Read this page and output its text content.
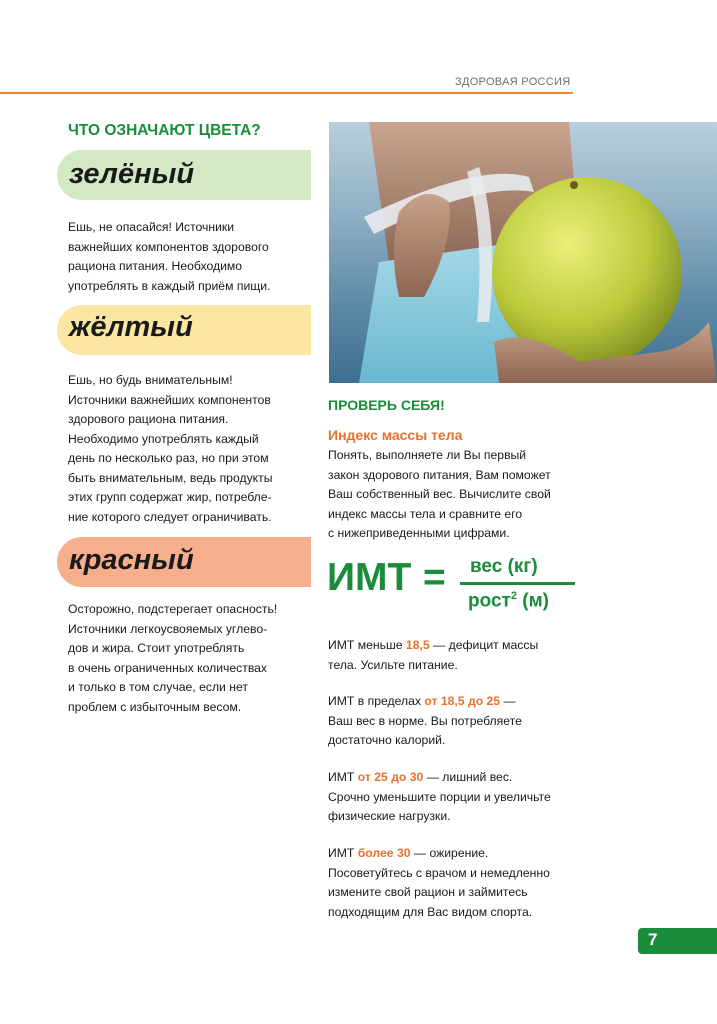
ЗДОРОВАЯ РОССИЯ
ЧТО ОЗНАЧАЮТ ЦВЕТА?
зелёный
Ешь, не опасайся! Источники
важнейших компонентов здорового
рациона питания. Необходимо
употреблять в каждый приём пищи.
жёлтый
Ешь, но будь внимательным!
Источники важнейших компонентов
здорового рациона питания.
Необходимо употреблять каждый
день по несколько раз, но при этом
быть внимательным, ведь продукты
этих групп содержат жир, потребле-
ние которого следует ограничивать.
красный
Осторожно, подстерегает опасность!
Источники легкоусвояемых углево-
дов и жира. Стоит употреблять
в очень ограниченных количествах
и только в том случае, если нет
проблем с избыточным весом.
ПРОВЕРЬ СЕБЯ!
Индекс массы тела
Понять, выполняете ли Вы первый
закон здорового питания, Вам поможет
Ваш собственный вес. Вычислите свой
индекс массы тела и сравните его
с нижеприведенными цифрами.
ИМТ = вес (кг)
рост$^2$ (м)
ИМТ меньше 18,5 — дефицит массы
тела. Усильте питание.
ИМТ в пределах от 18,5 до 25 —
Ваш вес в норме. Вы потребляете
достаточно калорий.
ИМТ от 25 до 30 — лишний вес.
Срочно уменьшите порции и увеличьте
физические нагрузки.
ИМТ более 30 — ожирение.
Посоветуйтесь с врачом и немедленно
измените свой рацион и займитесь
подходящим для Вас видом спорта.
7
